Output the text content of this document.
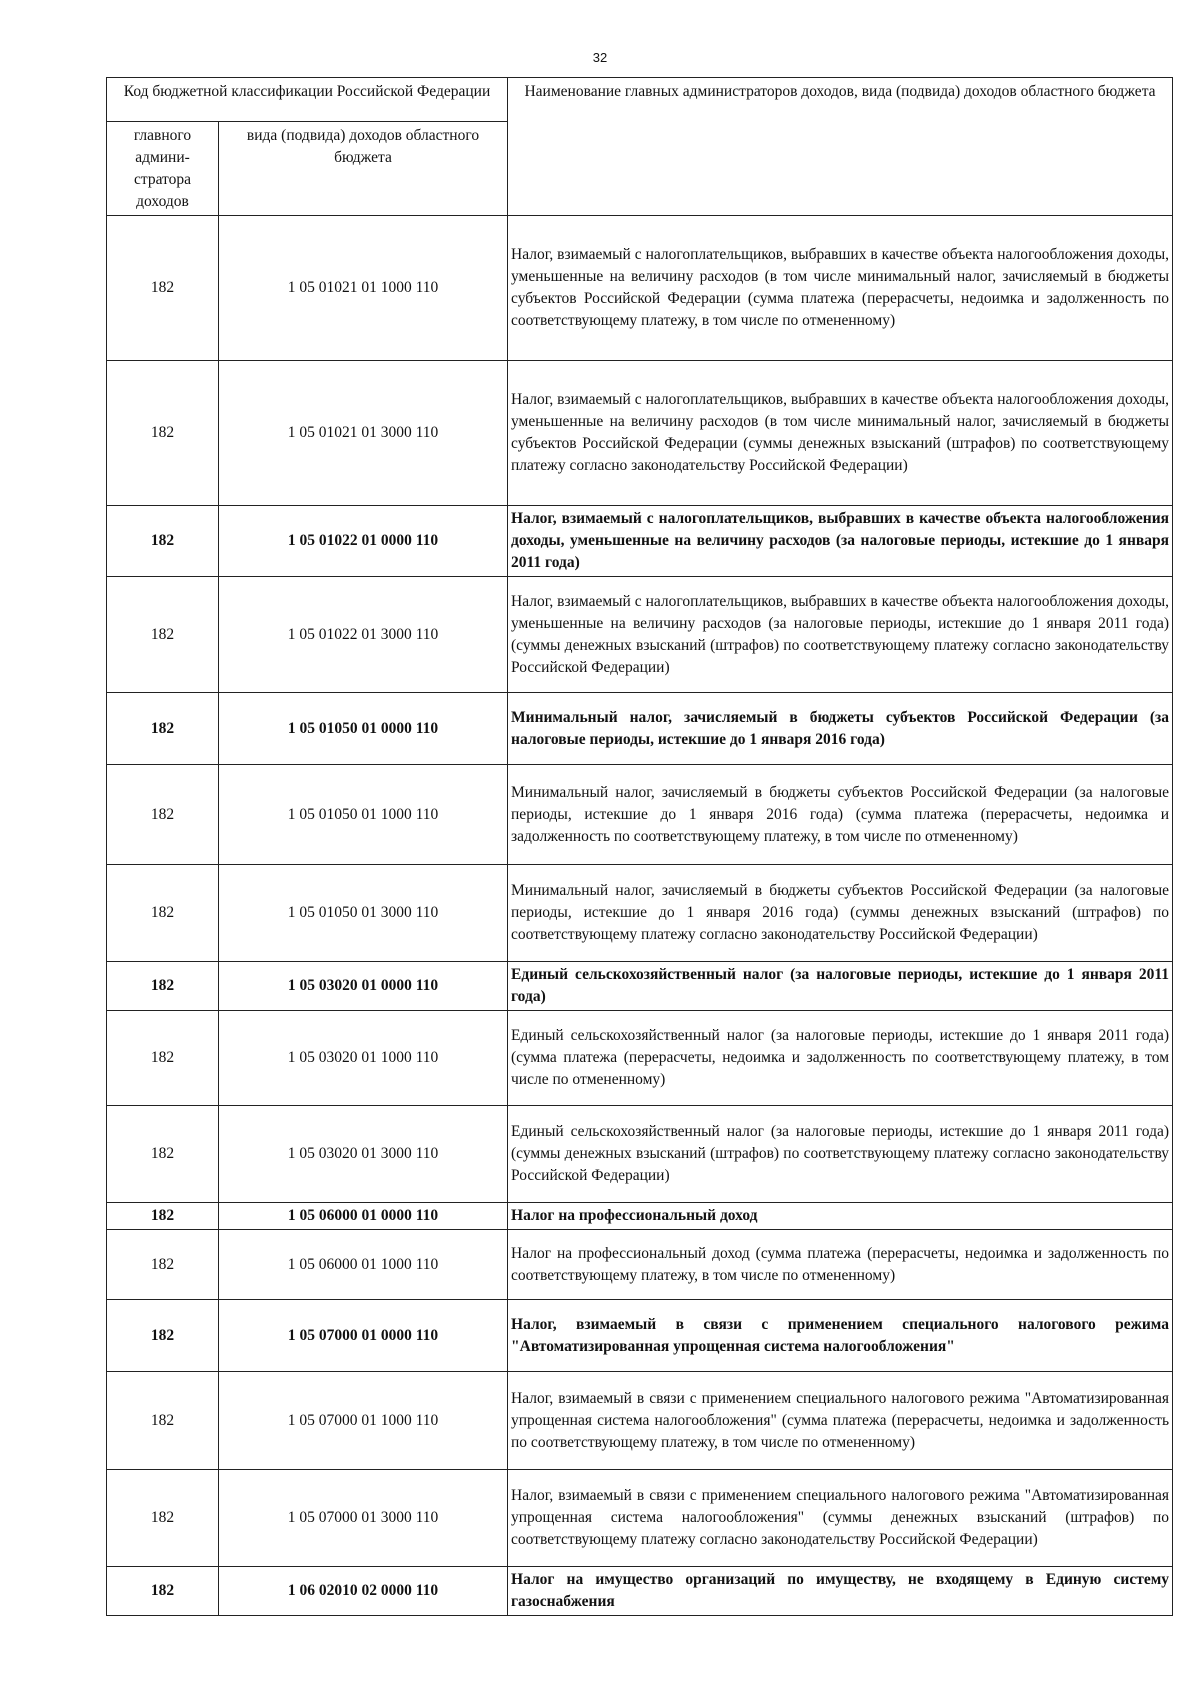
32
Код бюджетной классификации Российской Федерации		Наименование главных администраторов доходов, вида (подвида) доходов областного бюджета
главного админи-стратора доходов	вида (подвида) доходов областного бюджета	
182	1 05 01021 01 1000 110	Налог, взимаемый с налогоплательщиков, выбравших в качестве объекта налогообложения доходы, уменьшенные на величину расходов (в том числе минимальный налог, зачисляемый в бюджеты субъектов Российской Федерации (сумма платежа (перерасчеты, недоимка и задолженность по соответствующему платежу, в том числе по отмененному)
182	1 05 01021 01 3000 110	Налог, взимаемый с налогоплательщиков, выбравших в качестве объекта налогообложения доходы, уменьшенные на величину расходов (в том числе минимальный налог, зачисляемый в бюджеты субъектов Российской Федерации (суммы денежных взысканий (штрафов) по соответствующему платежу согласно законодательству Российской Федерации)
182	1 05 01022 01 0000 110	Налог, взимаемый с налогоплательщиков, выбравших в качестве объекта налогообложения доходы, уменьшенные на величину расходов (за налоговые периоды, истекшие до 1 января 2011 года)
182	1 05 01022 01 3000 110	Налог, взимаемый с налогоплательщиков, выбравших в качестве объекта налогообложения доходы, уменьшенные на величину расходов (за налоговые периоды, истекшие до 1 января 2011 года) (суммы денежных взысканий (штрафов) по соответствующему платежу согласно законодательству Российской Федерации)
182	1 05 01050 01 0000 110	Минимальный налог, зачисляемый в бюджеты субъектов Российской Федерации (за налоговые периоды, истекшие до 1 января 2016 года)
182	1 05 01050 01 1000 110	Минимальный налог, зачисляемый в бюджеты субъектов Российской Федерации (за налоговые периоды, истекшие до 1 января 2016 года) (сумма платежа (перерасчеты, недоимка и задолженность по соответствующему платежу, в том числе по отмененному)
182	1 05 01050 01 3000 110	Минимальный налог, зачисляемый в бюджеты субъектов Российской Федерации (за налоговые периоды, истекшие до 1 января 2016 года) (суммы денежных взысканий (штрафов) по соответствующему платежу согласно законодательству Российской Федерации)
182	1 05 03020 01 0000 110	Единый сельскохозяйственный налог (за налоговые периоды, истекшие до 1 января 2011 года)
182	1 05 03020 01 1000 110	Единый сельскохозяйственный налог (за налоговые периоды, истекшие до 1 января 2011 года) (сумма платежа (перерасчеты, недоимка и задолженность по соответствующему платежу, в том числе по отмененному)
182	1 05 03020 01 3000 110	Единый сельскохозяйственный налог (за налоговые периоды, истекшие до 1 января 2011 года) (суммы денежных взысканий (штрафов) по соответствующему платежу согласно законодательству Российской Федерации)
182	1 05 06000 01 0000 110	Налог на профессиональный доход
182	1 05 06000 01 1000 110	Налог на профессиональный доход (сумма платежа (перерасчеты, недоимка и задолженность по соответствующему платежу, в том числе по отмененному)
182	1 05 07000 01 0000 110	Налог, взимаемый в связи с применением специального налогового режима "Автоматизированная упрощенная система налогообложения"
182	1 05 07000 01 1000 110	Налог, взимаемый в связи с применением специального налогового режима "Автоматизированная упрощенная система налогообложения" (сумма платежа (перерасчеты, недоимка и задолженность по соответствующему платежу, в том числе по отмененному)
182	1 05 07000 01 3000 110	Налог, взимаемый в связи с применением специального налогового режима "Автоматизированная упрощенная система налогообложения" (суммы денежных взысканий (штрафов) по соответствующему платежу согласно законодательству Российской Федерации)
182	1 06 02010 02 0000 110	Налог на имущество организаций по имуществу, не входящему в Единую систему газоснабжения
